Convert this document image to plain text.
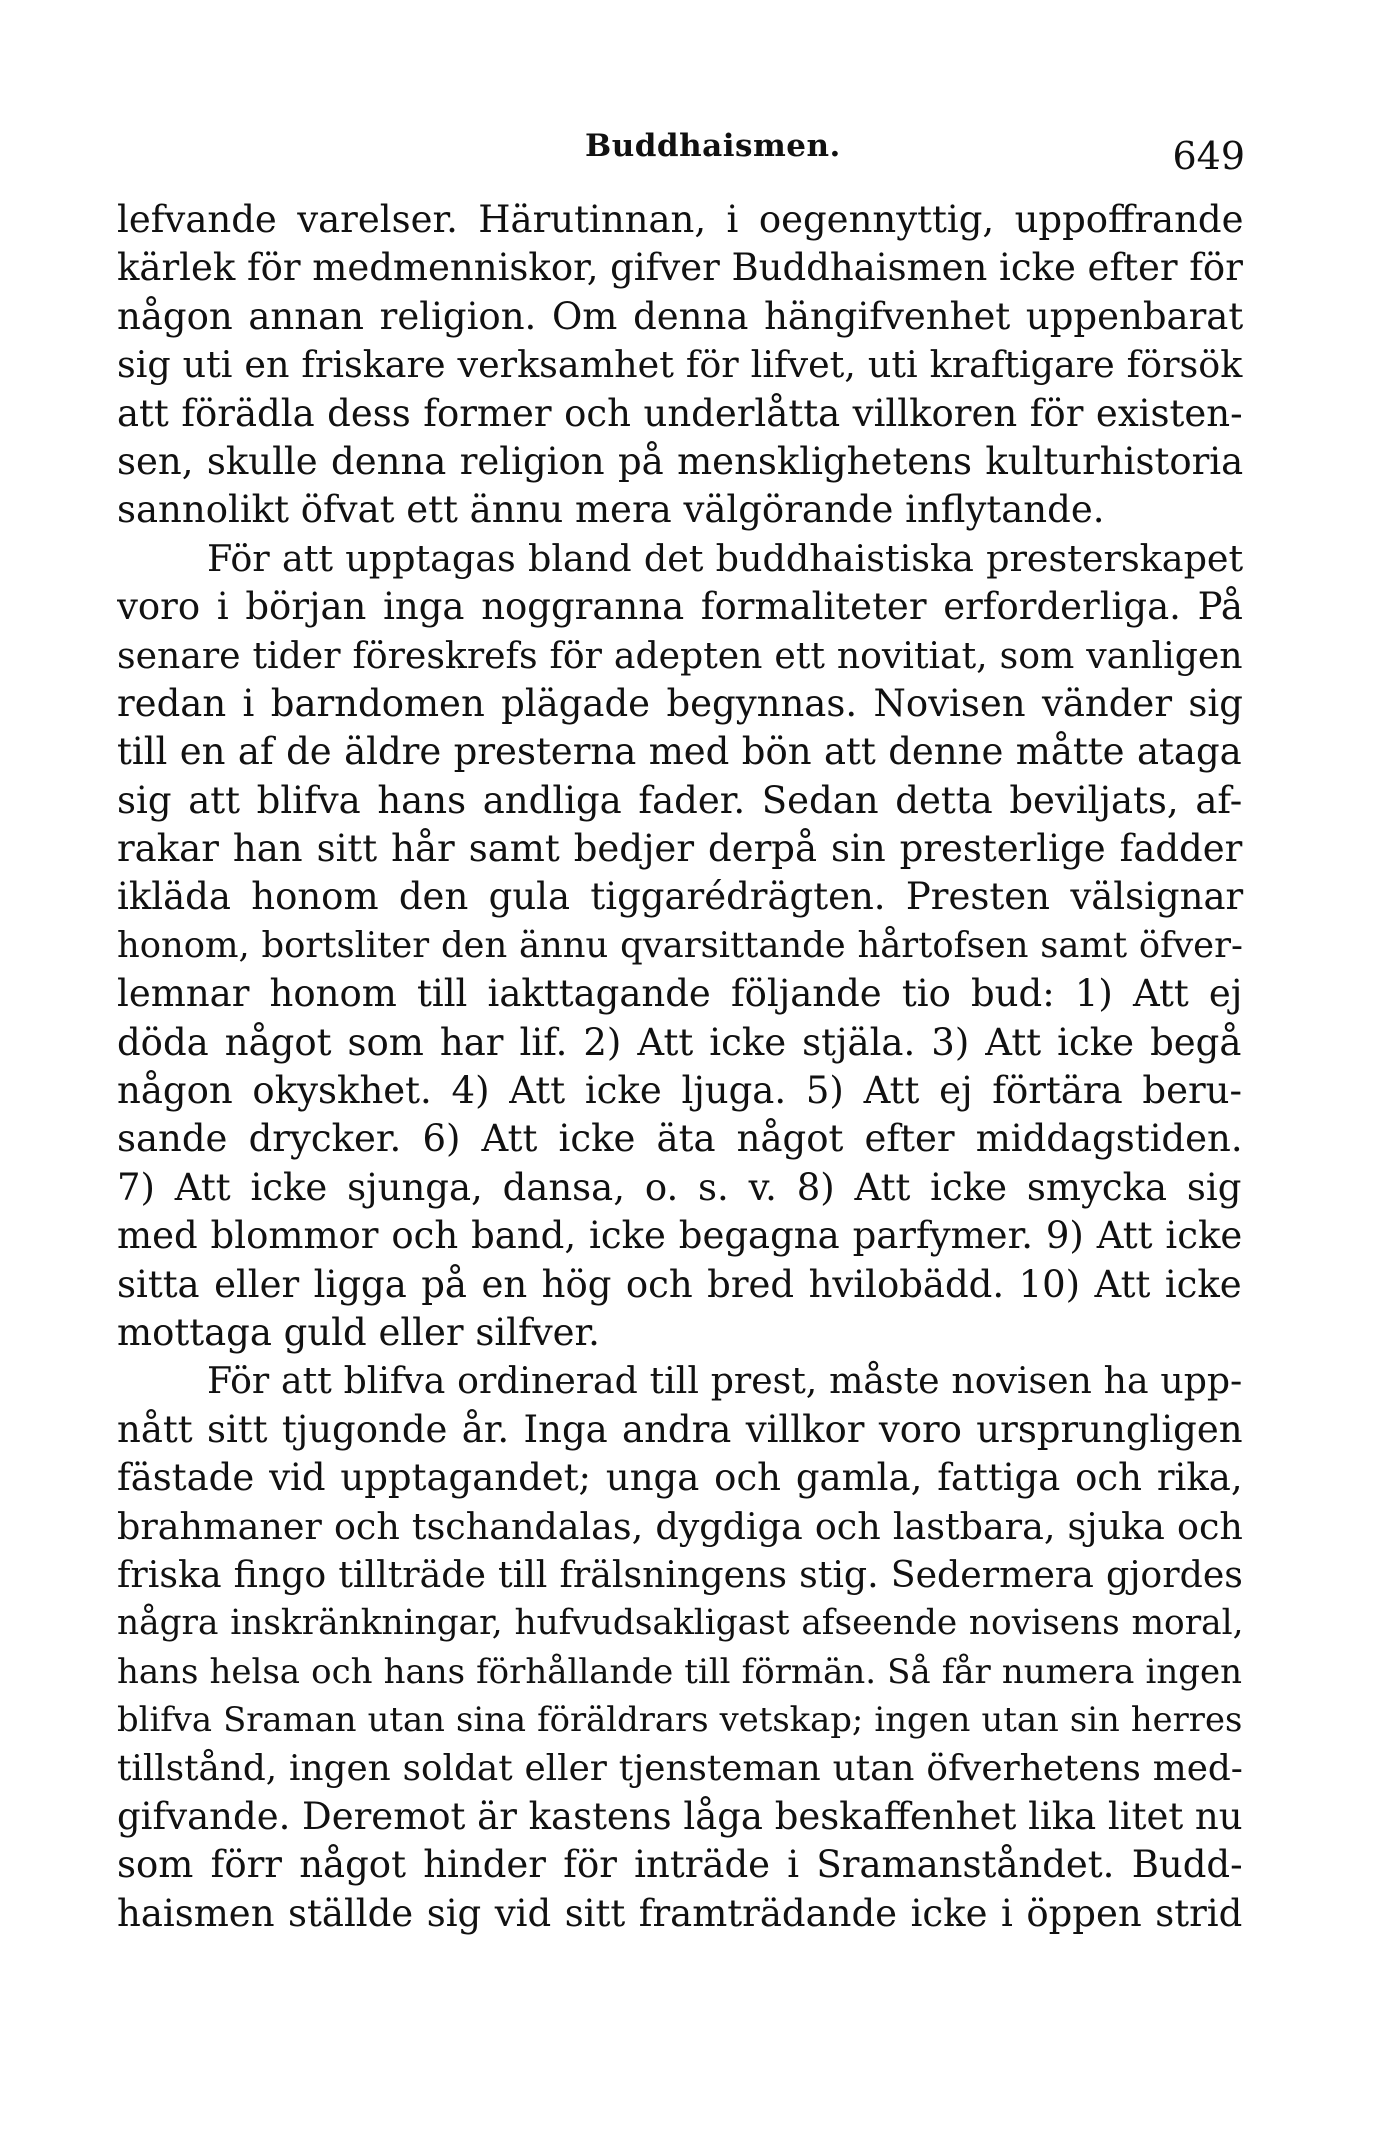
Buddhaismen.	649
lefvande varelser. Härutinnan, i oegennyttig, uppoffrande
kärlek för medmenniskor, gifver Buddhaismen icke efter för
någon annan religion. Om denna hängifvenhet uppenbarat
sig uti en friskare verksamhet för lifvet, uti kraftigare försök
att förädla dess former och underlåtta villkoren för existen-
sen, skulle denna religion på mensklighetens kulturhistoria
sannolikt öfvat ett ännu mera välgörande inflytande.
För att upptagas bland det buddhaistiska presterskapet
voro i början inga noggranna formaliteter erforderliga. På
senare tider föreskrefs för adepten ett novitiat, som vanligen
redan i barndomen plägade begynnas. Novisen vänder sig
till en af de äldre presterna med bön att denne måtte ataga
sig att blifva hans andliga fader. Sedan detta beviljats, af-
rakar han sitt hår samt bedjer derpå sin presterlige fadder
ikläda honom den gula tiggarédrägten. Presten välsignar
honom, bortsliter den ännu qvarsittande hårtofsen samt öfver-
lemnar honom till iakttagande följande tio bud: 1) Att ej
döda något som har lif. 2) Att icke stjäla. 3) Att icke begå
någon okyskhet. 4) Att icke ljuga. 5) Att ej förtära beru-
sande drycker. 6) Att icke äta något efter middagstiden.
7) Att icke sjunga, dansa, o. s. v. 8) Att icke smycka sig
med blommor och band, icke begagna parfymer. 9) Att icke
sitta eller ligga på en hög och bred hvilobädd. 10) Att icke
mottaga guld eller silfver.
För att blifva ordinerad till prest, måste novisen ha upp-
nått sitt tjugonde år. Inga andra villkor voro ursprungligen
fästade vid upptagandet; unga och gamla, fattiga och rika,
brahmaner och tschandalas, dygdiga och lastbara, sjuka och
friska fingo tillträde till frälsningens stig. Sedermera gjordes
några inskränkningar, hufvudsakligast afseende novisens moral,
hans helsa och hans förhållande till förmän. Så får numera ingen
blifva Sraman utan sina föräldrars vetskap; ingen utan sin herres
tillstånd, ingen soldat eller tjensteman utan öfverhetens med-
gifvande. Deremot är kastens låga beskaffenhet lika litet nu
som förr något hinder för inträde i Sramanståndet. Budd-
haismen ställde sig vid sitt framträdande icke i öppen strid
